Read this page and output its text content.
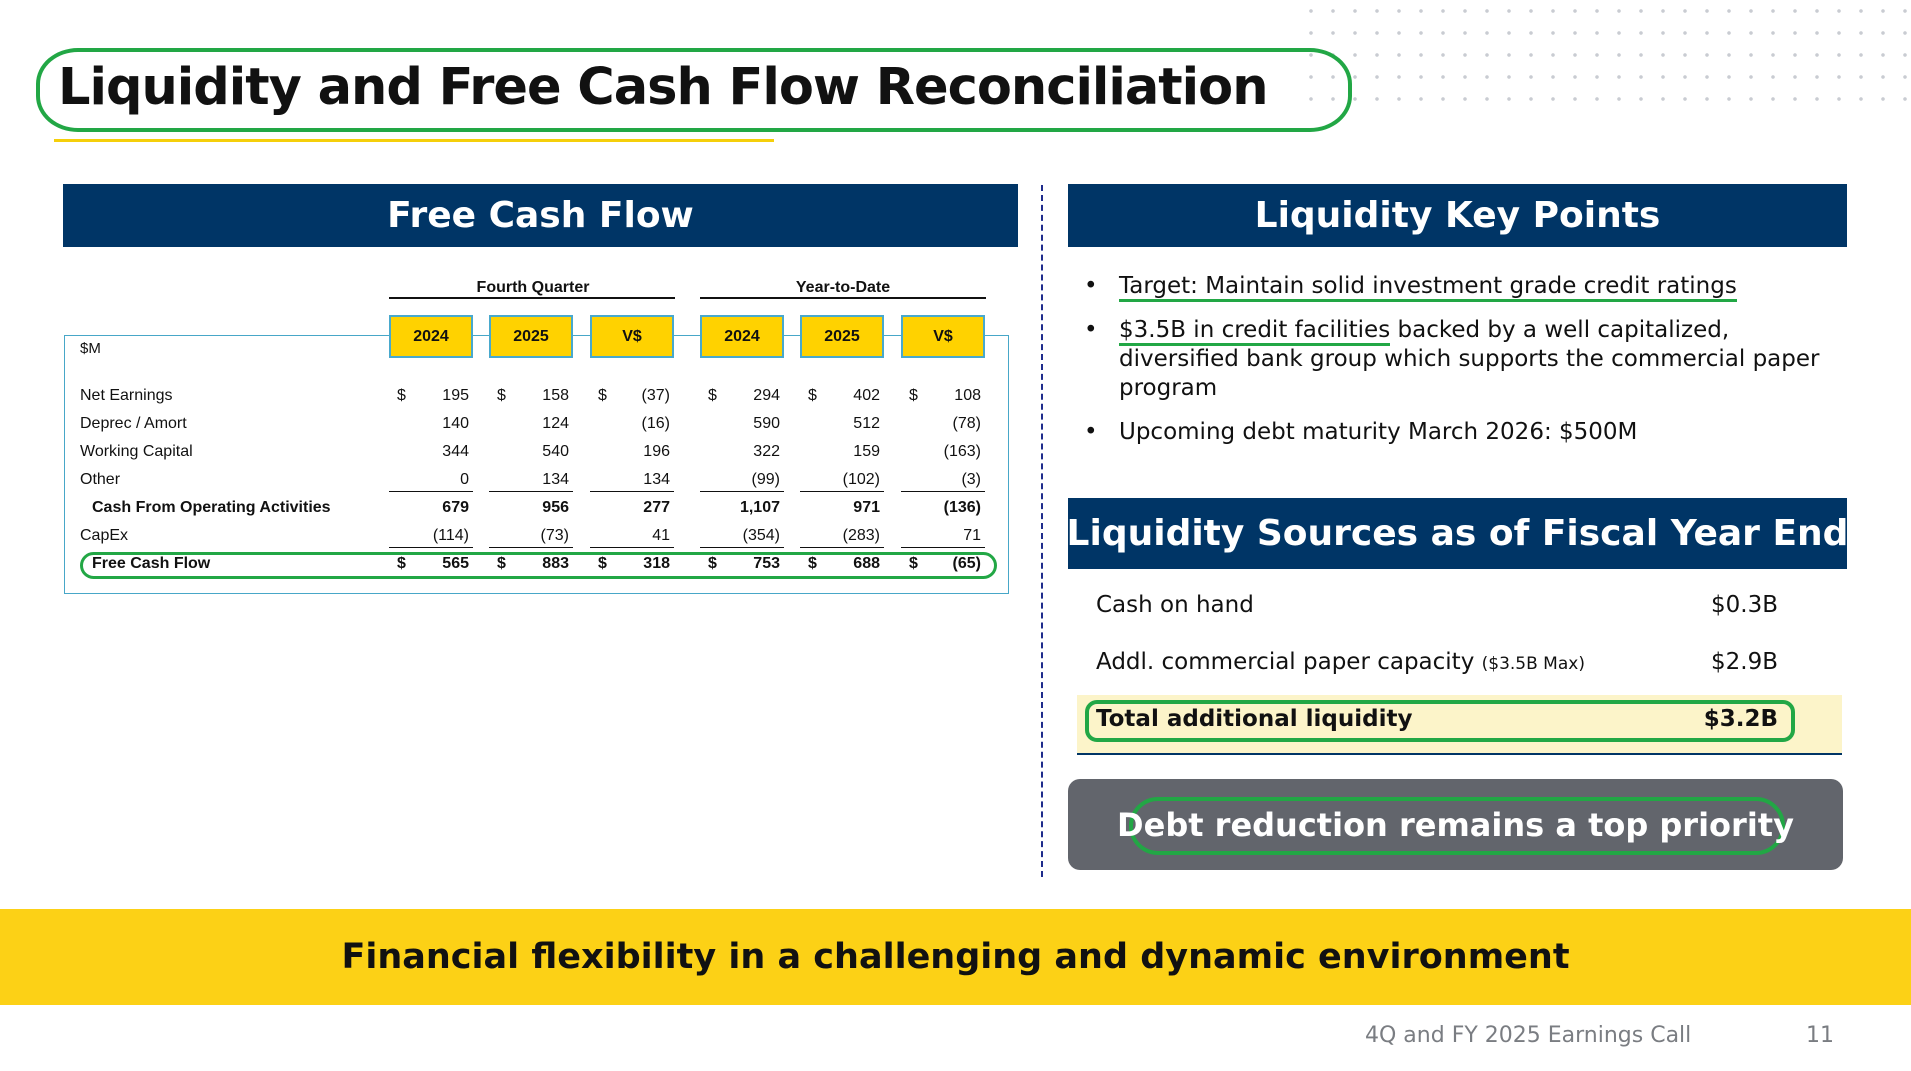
Liquidity and Free Cash Flow Reconciliation
Free Cash Flow
Fourth Quarter	Year-to-Date
2024	2025	V$	2024	2025	V$
$M
Net Earnings	$ 195 $ 158 $ (37) $ 294 $ 402 $ 108
Deprec / Amort	140	124	(16)	590	512	(78)
Working Capital	344	540	196	322	159	(163)
Other	0	134	134	(99)	(102)	(3)
Cash From Operating Activities	679	956	277	1,107	971	(136)
CapEx	(114)	(73)	41	(354)	(283)	71
Free Cash Flow	$ 565 $ 883 $ 318 $ 753 $ 688 $ (65)
Liquidity Key Points
• Target: Maintain solid investment grade credit ratings
• $3.5B in credit facilities backed by a well capitalized, diversified bank group which supports the commercial paper program
• Upcoming debt maturity March 2026: $500M
Liquidity Sources as of Fiscal Year End
Cash on hand	$0.3B
Addl. commercial paper capacity ($3.5B Max)	$2.9B
Total additional liquidity	$3.2B
Debt reduction remains a top priority
Financial flexibility in a challenging and dynamic environment
4Q and FY 2025 Earnings Call	11
